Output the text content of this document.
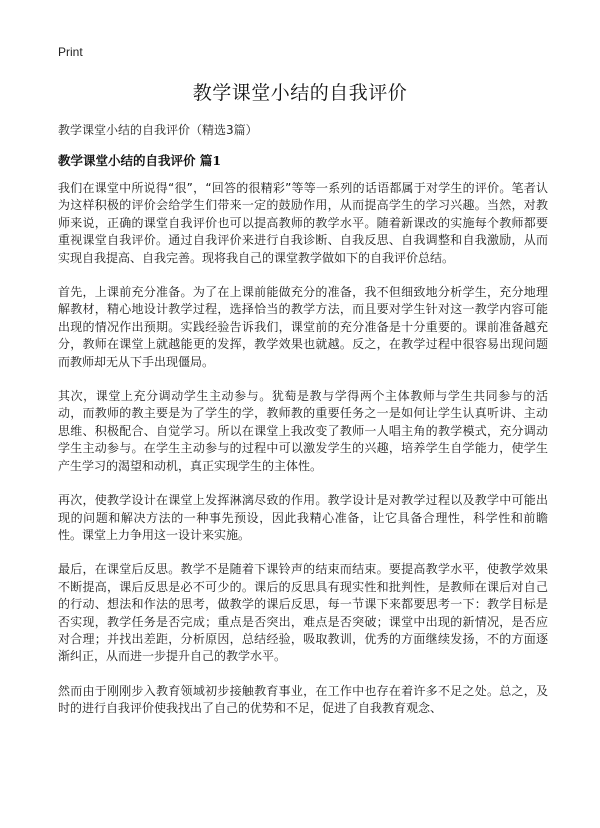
Print
教学课堂小结的自我评价
教学课堂小结的自我评价（精选3篇）
教学课堂小结的自我评价 篇1

我们在课堂中所说得“很”，“回答的很精彩”等等一系列的话语都属于对学生的评价。笔者认为这样积极的评价会给学生们带来一定的鼓励作用，从而提高学生的学习兴趣。当然，对教师来说，正确的课堂自我评价也可以提高教师的教学水平。随着新课改的实施每个教师都要重视课堂自我评价。通过自我评价来进行自我诊断、自我反思、自我调整和自我激励，从而实现自我提高、自我完善。现将我自己的课堂教学做如下的自我评价总结。

首先，上课前充分准备。为了在上课前能做充分的准备，我不但细致地分析学生，充分地理解教材，精心地设计教学过程，选择恰当的教学方法，而且要对学生针对这一教学内容可能出现的情况作出预期。实践经验告诉我们，课堂前的充分准备是十分重要的。课前准备越充分，教师在课堂上就越能更的发挥，教学效果也就越。反之，在教学过程中很容易出现问题而教师却无从下手出现僵局。

其次，课堂上充分调动学生主动参与。犹萄是教与学得两个主体教师与学生共同参与的活动，而教师的教主要是为了学生的学，教师教的重要任务之一是如何让学生认真听讲、主动思维、积极配合、自觉学习。所以在课堂上我改变了教师一人唱主角的教学模式，充分调动学生主动参与。在学生主动参与的过程中可以激发学生的兴趣，培养学生自学能力，使学生产生学习的渴望和动机，真正实现学生的主体性。

再次，使教学设计在课堂上发挥淋漓尽致的作用。教学设计是对教学过程以及教学中可能出现的问题和解决方法的一种事先预设，因此我精心准备，让它具备合理性，科学性和前瞻性。课堂上力争用这一设计来实施。

最后，在课堂后反思。教学不是随着下课铃声的结束而结束。要提高教学水平，使教学效果不断提高，课后反思是必不可少的。课后的反思具有现实性和批判性，是教师在课后对自己的行动、想法和作法的思考，做教学的课后反思，每一节课下来都要思考一下：教学目标是否实现，教学任务是否完成；重点是否突出，难点是否突破；课堂中出现的新情况，是否应对合理；并找出差距，分析原因，总结经验，吸取教训，优秀的方面继续发扬，不的方面逐渐纠正，从而进一步提升自己的教学水平。

然而由于刚刚步入教育领域初步接触教育事业，在工作中也存在着许多不足之处。总之，及时的进行自我评价使我找出了自己的优势和不足，促进了自我教育观念、
